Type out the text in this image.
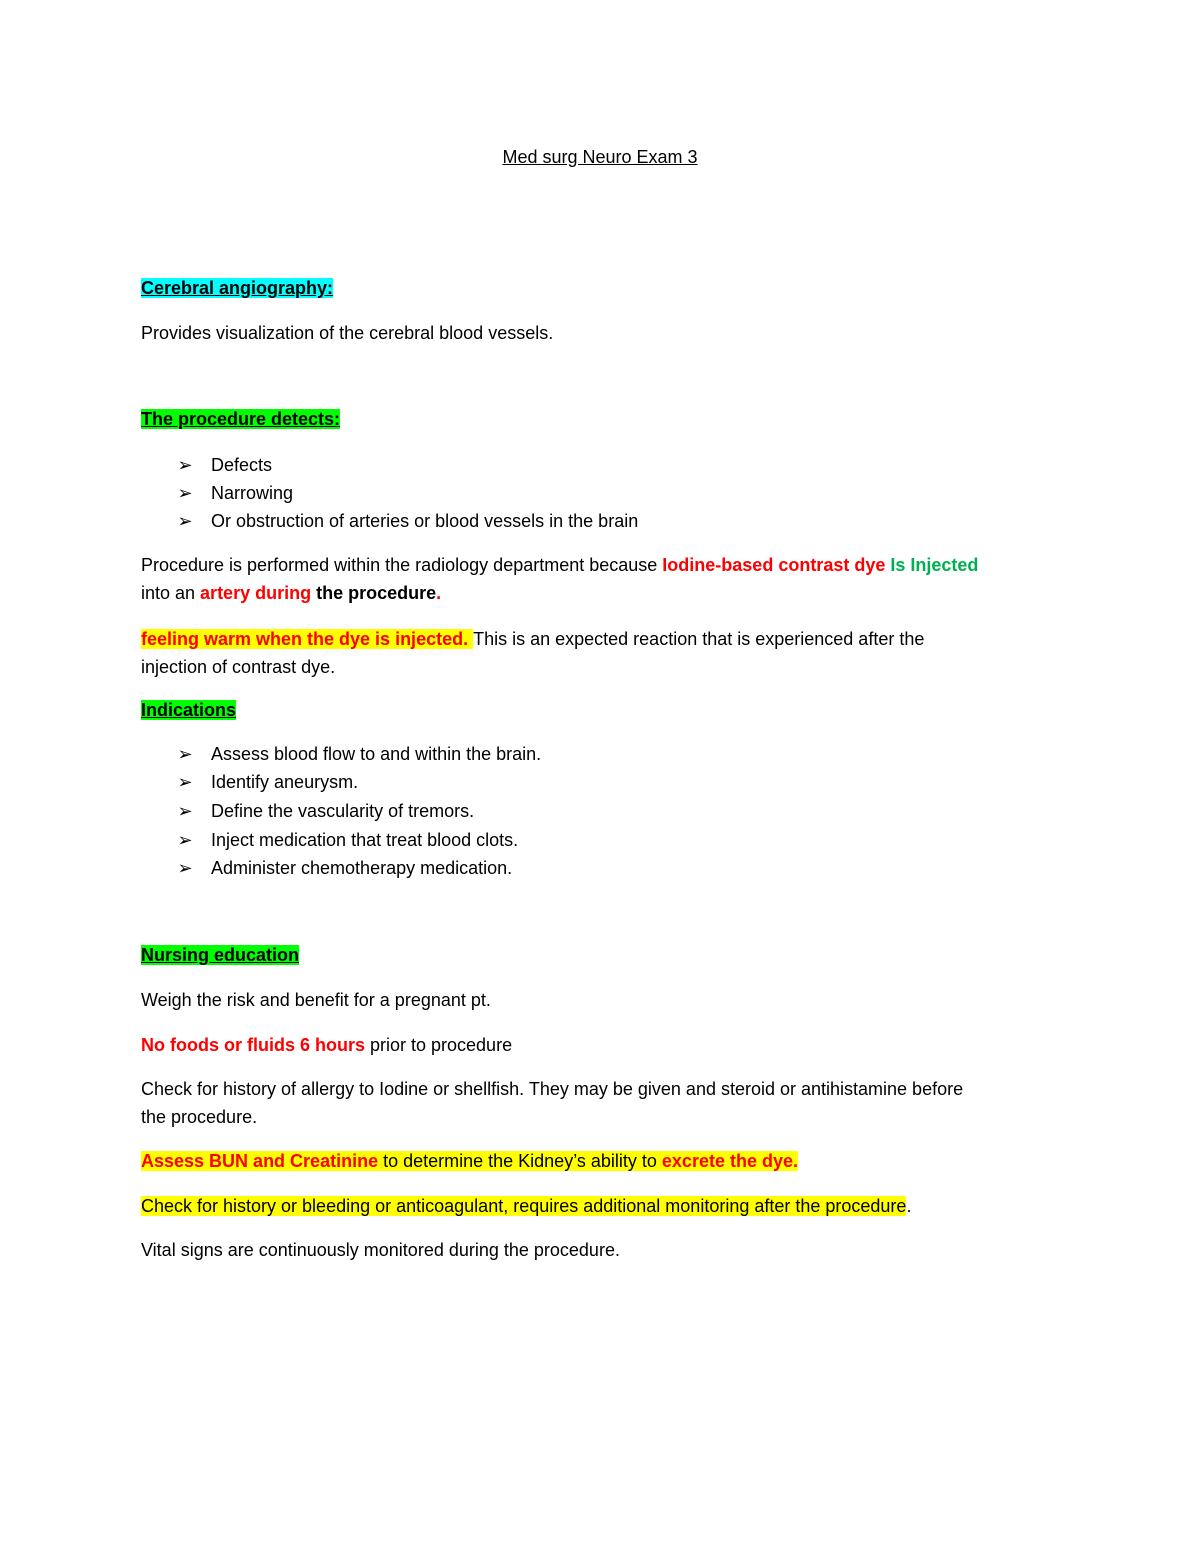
Med surg Neuro Exam 3
Cerebral angiography:
Provides visualization of the cerebral blood vessels.
The procedure detects:
➢ Defects
➢ Narrowing
➢ Or obstruction of arteries or blood vessels in the brain
Procedure is performed within the radiology department because Iodine-based contrast dye Is Injected
into an artery during the procedure.
feeling warm when the dye is injected. This is an expected reaction that is experienced after the
injection of contrast dye.
Indications
➢ Assess blood flow to and within the brain.
➢ Identify aneurysm.
➢ Define the vascularity of tremors.
➢ Inject medication that treat blood clots.
➢ Administer chemotherapy medication.
Nursing education
Weigh the risk and benefit for a pregnant pt.
No foods or fluids 6 hours prior to procedure
Check for history of allergy to Iodine or shellfish. They may be given and steroid or antihistamine before
the procedure.
Assess BUN and Creatinine to determine the Kidney’s ability to excrete the dye.
Check for history or bleeding or anticoagulant, requires additional monitoring after the procedure.
Vital signs are continuously monitored during the procedure.
